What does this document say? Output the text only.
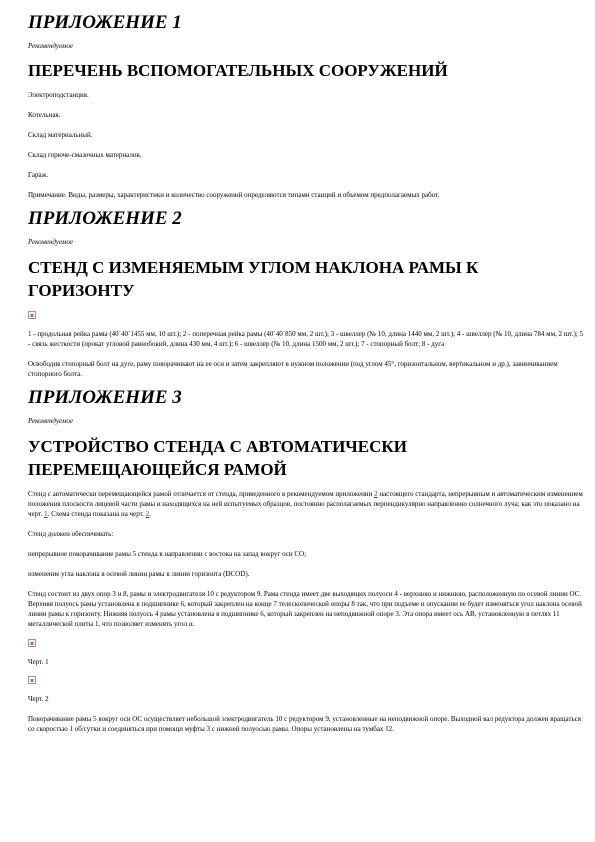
ПРИЛОЖЕНИЕ 1

Рекомендуемое

ПЕРЕЧЕНЬ ВСПОМОГАТЕЛЬНЫХ СООРУЖЕНИЙ

Электроподстанция.

Котельная.

Склад материальный.

Склад горюче-смазочных материалов.

Гараж.

Примечание. Виды, размеры, характеристики и количество сооружений определяются типами станций и объемом предполагаемых работ.

ПРИЛОЖЕНИЕ 2

Рекомендуемое

СТЕНД С ИЗМЕНЯЕМЫМ УГЛОМ НАКЛОНА РАМЫ К ГОРИЗОНТУ

1 - продольная рейка рамы (40´40´1455 мм, 10 шт.); 2 - поперечная рейка рамы (40´40´850 мм, 2 шт.); 3 - швеллер (№ 10, длина 1440 мм, 2 шт.); 4 - швеллер (№ 10, длина 784 мм, 2 шт.); 5 - связь жесткости (прокат угловой равнобокий, длина 430 мм, 4 шт.); 6 - швеллер (№ 10, длина 1500 мм, 2 шт.); 7 - стопорный болт; 8 - дуга

Освободив стопорный болт на дуге, раму поворачивают на ее оси и затем закрепляют в нужном положении (под углом 45°, горизонтальном, вертикальном и др.), завинчиванием стопорного болта.

ПРИЛОЖЕНИЕ 3

Рекомендуемое

УСТРОЙСТВО СТЕНДА С АВТОМАТИЧЕСКИ ПЕРЕМЕЩАЮЩЕЙСЯ РАМОЙ

Стенд с автоматически перемещающейся рамой отличается от стенда, приведенного в рекомендуемом приложении 2 настоящего стандарта, непрерывным и автоматическим изменением положения плоскости лицевой части рамы и находящихся на ней испытуемых образцов, постоянно располагаемых перпендикулярно направлению солнечного луча; как это показано на черт. 1. Схема стенда показана на черт. 2.

Стенд должен обеспечивать:

непрерывное поворачивание рамы 5 стенда в направлении с востока на запад вокруг оси СО;

изменение угла наклона в осевой линии рамы к линии горизонта (ÐCOD).

Стенд состоит из двух опор 3 и 8, рамы и электродвигателя 10 с редуктором 9. Рама стенда имеет две выходящих полуоси 4 - верхнюю и нижнюю, расположенную по осевой линии ОС. Верхняя полуось рамы установлена в подшипнике 6, который закреплен на конце 7 телескопической опоры 8 так, что при подъеме и опускании ее будет изменяться угол наклона осевой линии рамы к горизонту. Нижняя полуось 4 рамы установлена в подшипнике 6, который закреплен на неподвижной опоре 3. Эта опора имеет ось АВ, установленную в петлях 11 металлической плиты 1, что позволяет изменять угол α.

Черт. 1

Черт. 2

Поворачивание рамы 5 вокруг оси ОС осуществляет небольшой электродвигатель 10 с редуктором 9, установленные на неподвижной опоре. Выходной вал редуктора должен вращаться со скоростью 1 об/сутки и соединяться при помощи муфты 3 с нижней полуосью рамы. Опоры установлены на тумбах 12.
